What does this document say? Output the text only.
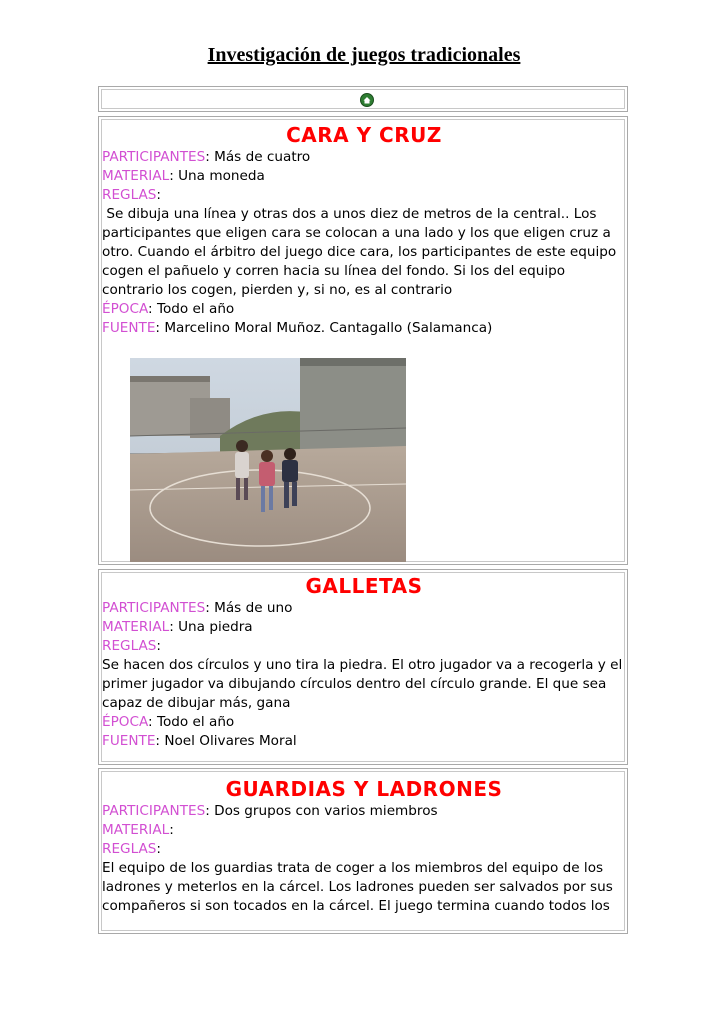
Investigación de juegos tradicionales
CARA Y CRUZ
PARTICIPANTES: Más de cuatro
MATERIAL: Una moneda
REGLAS:
Se dibuja una línea y otras dos a unos diez de metros de la central.. Los
participantes que eligen cara se colocan a una lado y los que eligen cruz a
otro. Cuando el árbitro del juego dice cara, los participantes de este equipo
cogen el pañuelo y corren hacia su línea del fondo. Si los del equipo
contrario los cogen, pierden y, si no, es al contrario
ÉPOCA: Todo el año
FUENTE: Marcelino Moral Muñoz. Cantagallo (Salamanca)
GALLETAS
PARTICIPANTES: Más de uno
MATERIAL: Una piedra
REGLAS:
Se hacen dos círculos y uno tira la piedra. El otro jugador va a recogerla y el
primer jugador va dibujando círculos dentro del círculo grande. El que sea
capaz de dibujar más, gana
ÉPOCA: Todo el año
FUENTE: Noel Olivares Moral
GUARDIAS Y LADRONES
PARTICIPANTES: Dos grupos con varios miembros
MATERIAL:
REGLAS:
El equipo de los guardias trata de coger a los miembros del equipo de los
ladrones y meterlos en la cárcel. Los ladrones pueden ser salvados por sus
compañeros si son tocados en la cárcel. El juego termina cuando todos los
